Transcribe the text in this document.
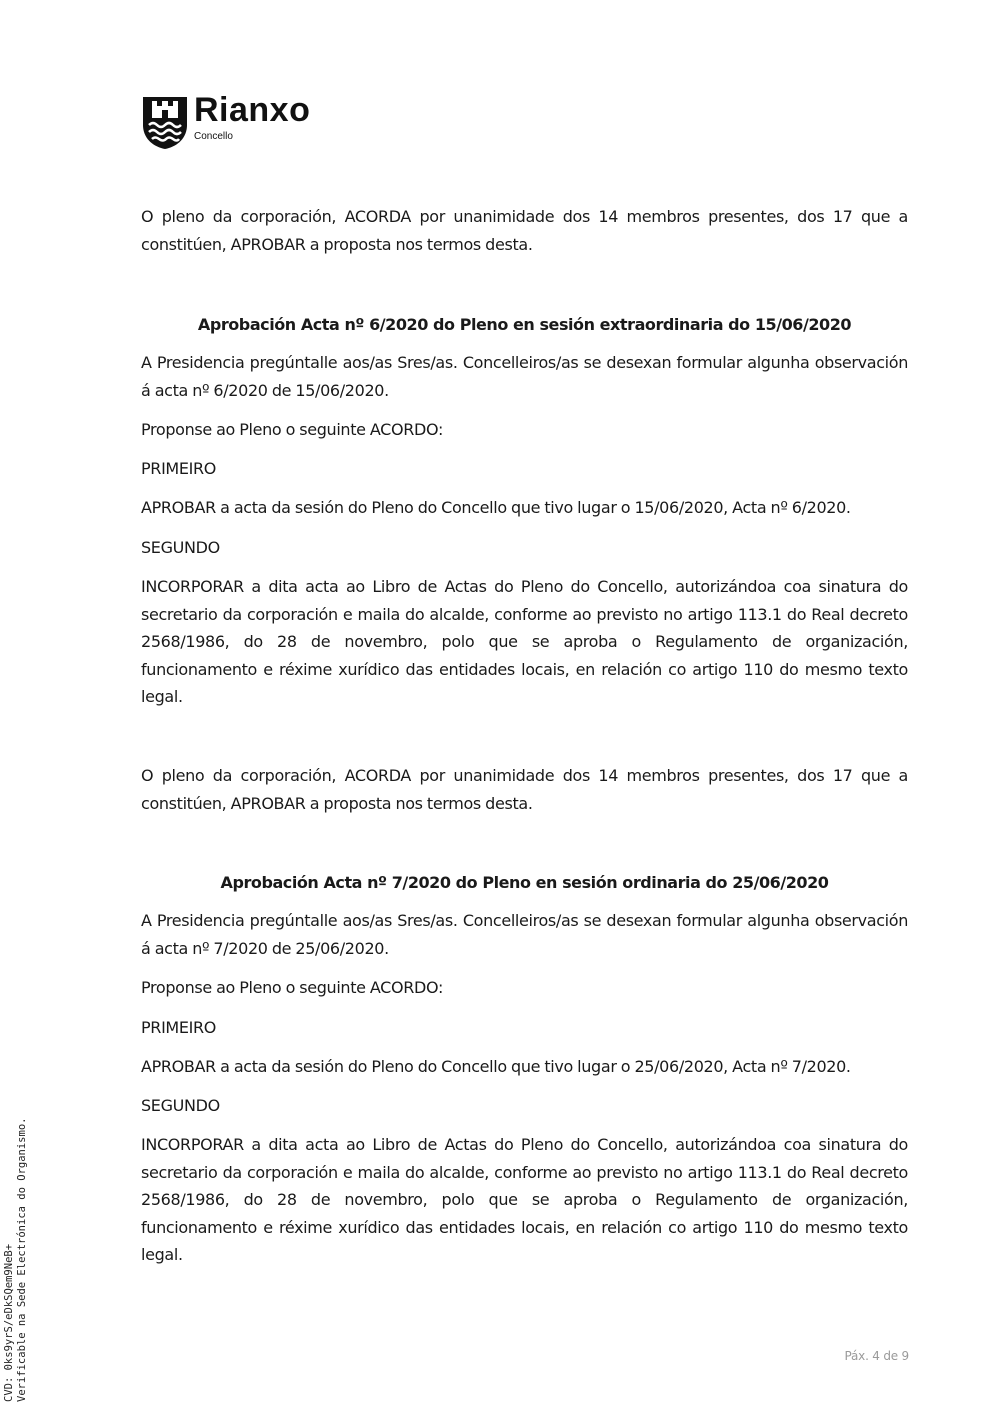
Rianxo
Concello

O pleno da corporación, ACORDA por unanimidade dos 14 membros presentes, dos 17 que a constitúen, APROBAR a proposta nos termos desta.

Aprobación Acta nº 6/2020 do Pleno en sesión extraordinaria do 15/06/2020

A Presidencia pregúntalle aos/as Sres/as. Concelleiros/as se desexan formular algunha observación á acta nº 6/2020 de 15/06/2020.

Proponse ao Pleno o seguinte ACORDO:

PRIMEIRO

APROBAR a acta da sesión do Pleno do Concello que tivo lugar o 15/06/2020, Acta nº 6/2020.

SEGUNDO

INCORPORAR a dita acta ao Libro de Actas do Pleno do Concello, autorizándoa coa sinatura do secretario da corporación e maila do alcalde, conforme ao previsto no artigo 113.1 do Real decreto 2568/1986, do 28 de novembro, polo que se aproba o Regulamento de organización, funcionamento e réxime xurídico das entidades locais, en relación co artigo 110 do mesmo texto legal.

O pleno da corporación, ACORDA por unanimidade dos 14 membros presentes, dos 17 que a constitúen, APROBAR a proposta nos termos desta.

Aprobación Acta nº 7/2020 do Pleno en sesión ordinaria do 25/06/2020

A Presidencia pregúntalle aos/as Sres/as. Concelleiros/as se desexan formular algunha observación á acta nº 7/2020 de 25/06/2020.

Proponse ao Pleno o seguinte ACORDO:

PRIMEIRO

APROBAR a acta da sesión do Pleno do Concello que tivo lugar o 25/06/2020, Acta nº 7/2020.

SEGUNDO

INCORPORAR a dita acta ao Libro de Actas do Pleno do Concello, autorizándoa coa sinatura do secretario da corporación e maila do alcalde, conforme ao previsto no artigo 113.1 do Real decreto 2568/1986, do 28 de novembro, polo que se aproba o Regulamento de organización, funcionamento e réxime xurídico das entidades locais, en relación co artigo 110 do mesmo texto legal.

CVD: 0ks9yrS/eDkSQem9NeB+ Verificable na Sede Electrónica do Organismo.	Páx. 4 de 9
